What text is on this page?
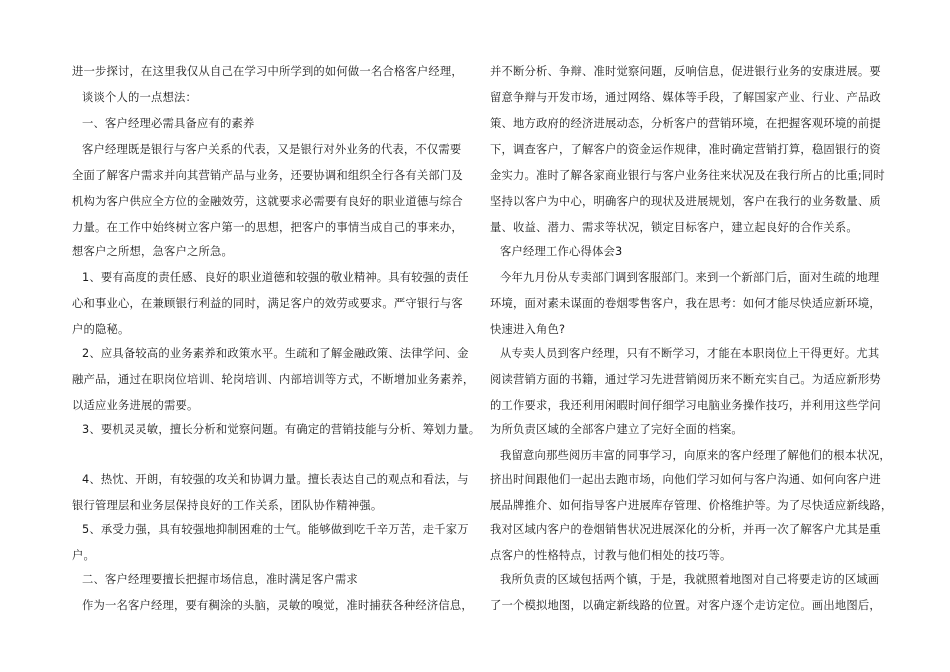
进一步探讨，在这里我仅从自己在学习中所学到的如何做一名合格客户经理，
谈谈个人的一点想法：
一、客户经理必需具备应有的素养
客户经理既是银行与客户关系的代表，又是银行对外业务的代表，不仅需要
全面了解客户需求并向其营销产品与业务，还要协调和组织全行各有关部门及
机构为客户供应全方位的金融效劳，这就要求必需要有良好的职业道德与综合
力量。在工作中始终树立客户第一的思想，把客户的事情当成自己的事来办，
想客户之所想，急客户之所急。
1、要有高度的责任感、良好的职业道德和较强的敬业精神。具有较强的责任
心和事业心，在兼顾银行利益的同时，满足客户的效劳或要求。严守银行与客
户的隐秘。
2、应具备较高的业务素养和政策水平。生疏和了解金融政策、法律学问、金
融产品，通过在职岗位培训、轮岗培训、内部培训等方式，不断增加业务素养，
以适应业务进展的需要。
3、要机灵灵敏，擅长分析和觉察问题。有确定的营销技能与分析、筹划力量。
4、热忱、开朗，有较强的攻关和协调力量。擅长表达自己的观点和看法，与
银行管理层和业务层保持良好的工作关系，团队协作精神强。
5、承受力强，具有较强地抑制困难的士气。能够做到吃千辛万苦，走千家万
户。
二、客户经理要擅长把握市场信息，准时满足客户需求
作为一名客户经理，要有稠涂的头脑，灵敏的嗅觉，准时捕获各种经济信息，
并不断分析、争辩、准时觉察问题，反响信息，促进银行业务的安康进展。要
留意争辩与开发市场，通过网络、媒体等手段，了解国家产业、行业、产品政
策、地方政府的经济进展动态，分析客户的营销环境，在把握客观环境的前提
下，调查客户，了解客户的资金运作规律，准时确定营销打算，稳固银行的资
金实力。准时了解各家商业银行与客户业务往来状况及在我行所占的比重;同时
坚持以客户为中心，明确客户的现状及进展规划，客户在我行的业务数量、质
量、收益、潜力、需求等状况，锁定目标客户，建立起良好的合作关系。
客户经理工作心得体会3
今年九月份从专卖部门调到客服部门。来到一个新部门后，面对生疏的地理
环境，面对素未谋面的卷烟零售客户，我在思考：如何才能尽快适应新环境，
快速进入角色?
从专卖人员到客户经理，只有不断学习，才能在本职岗位上干得更好。尤其
阅读营销方面的书籍，通过学习先进营销阅历来不断充实自己。为适应新形势
的工作要求，我还利用闲暇时间仔细学习电脑业务操作技巧，并利用这些学问
为所负责区域的全部客户建立了完好全面的档案。
我留意向那些阅历丰富的同事学习，向原来的客户经理了解他们的根本状况，
挤出时间跟他们一起出去跑市场，向他们学习如何与客户沟通、如何向客户进
展品牌推介、如何指导客户进展库存管理、价格维护等。为了尽快适应新线路，
我对区域内客户的卷烟销售状况进展深化的分析，并再一次了解客户尤其是重
点客户的性格特点，讨教与他们相处的技巧等。
我所负责的区域包括两个镇，于是，我就照着地图对自己将要走访的区域画
了一个模拟地图，以确定新线路的位置。对客户逐个走访定位。画出地图后，
